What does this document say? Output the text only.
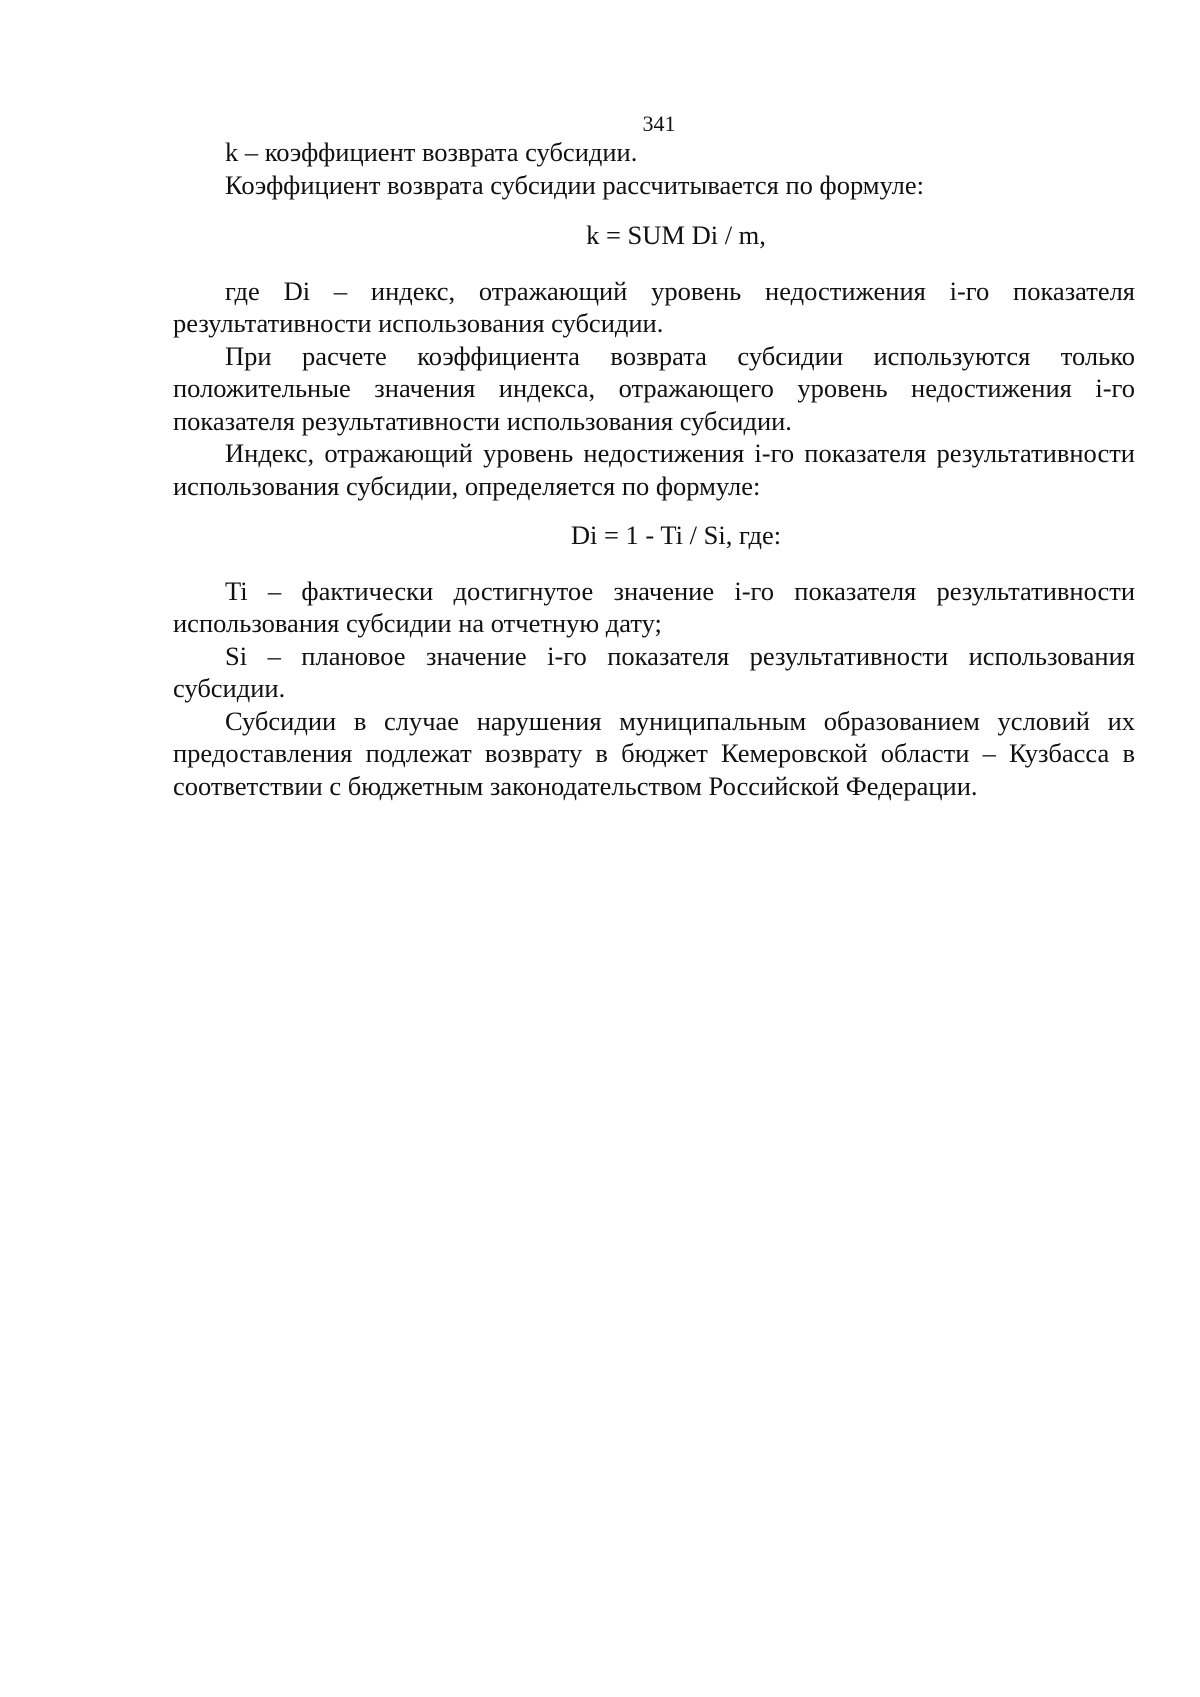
341

k – коэффициент возврата субсидии.

Коэффициент возврата субсидии рассчитывается по формуле:

k = SUM Di / m,

где Di – индекс, отражающий уровень недостижения i-го показателя результативности использования субсидии.

При расчете коэффициента возврата субсидии используются только положительные значения индекса, отражающего уровень недостижения i-го показателя результативности использования субсидии.

Индекс, отражающий уровень недостижения i-го показателя результативности использования субсидии, определяется по формуле:

Di = 1 - Ti / Si, где:

Ti – фактически достигнутое значение i-го показателя результативности использования субсидии на отчетную дату;

Si – плановое значение i-го показателя результативности использования субсидии.

Субсидии в случае нарушения муниципальным образованием условий их предоставления подлежат возврату в бюджет Кемеровской области – Кузбасса в соответствии с бюджетным законодательством Российской Федерации.
